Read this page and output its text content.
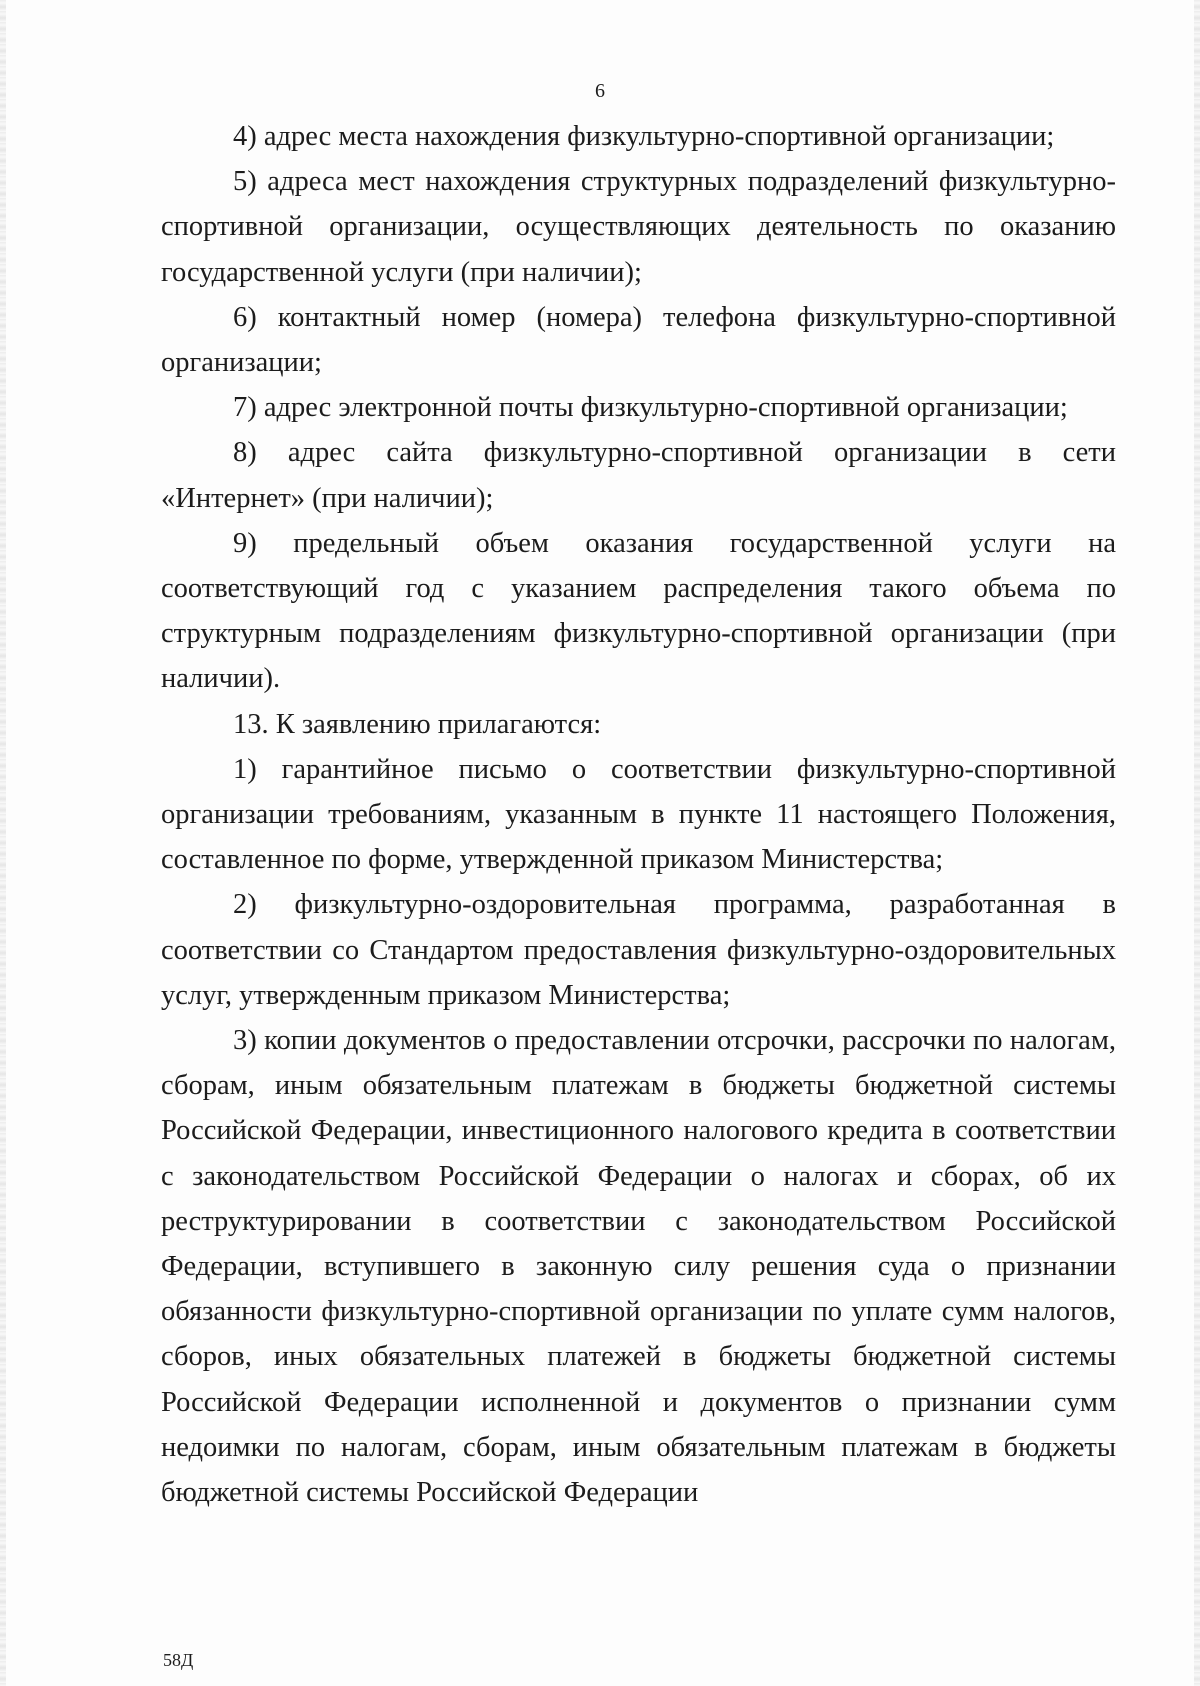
6

4) адрес места нахождения физкультурно-спортивной организации;

5) адреса мест нахождения структурных подразделений физкультурно-спортивной организации, осуществляющих деятельность по оказанию государственной услуги (при наличии);

6) контактный номер (номера) телефона физкультурно-спортивной организации;

7) адрес электронной почты физкультурно-спортивной организации;

8) адрес сайта физкультурно-спортивной организации в сети «Интернет» (при наличии);

9) предельный объем оказания государственной услуги на соответствующий год с указанием распределения такого объема по структурным подразделениям физкультурно-спортивной организации (при наличии).

13. К заявлению прилагаются:

1) гарантийное письмо о соответствии физкультурно-спортивной организации требованиям, указанным в пункте 11 настоящего Положения, составленное по форме, утвержденной приказом Министерства;

2) физкультурно-оздоровительная программа, разработанная в соответствии со Стандартом предоставления физкультурно-оздоровительных услуг, утвержденным приказом Министерства;

3) копии документов о предоставлении отсрочки, рассрочки по налогам, сборам, иным обязательным платежам в бюджеты бюджетной системы Российской Федерации, инвестиционного налогового кредита в соответствии с законодательством Российской Федерации о налогах и сборах, об их реструктурировании в соответствии с законодательством Российской Федерации, вступившего в законную силу решения суда о признании обязанности физкультурно-спортивной организации по уплате сумм налогов, сборов, иных обязательных платежей в бюджеты бюджетной системы Российской Федерации исполненной и документов о признании сумм недоимки по налогам, сборам, иным обязательным платежам в бюджеты бюджетной системы Российской Федерации

58Д
